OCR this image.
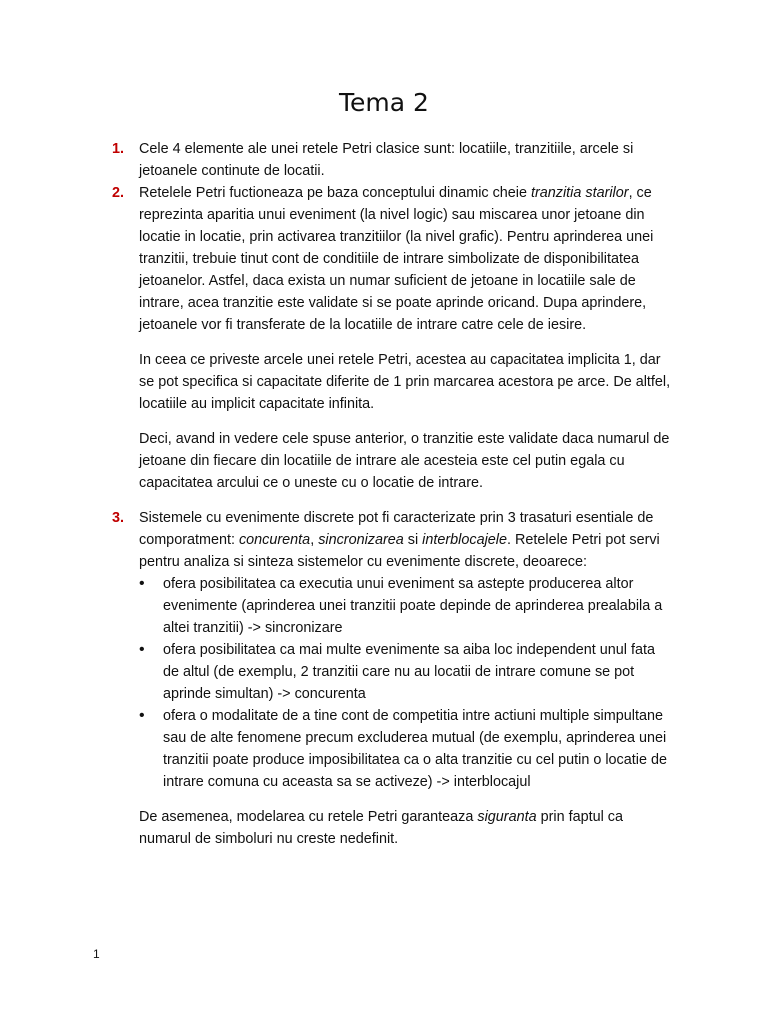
Tema 2
1. Cele 4 elemente ale unei retele Petri clasice sunt: locatiile, tranzitiile, arcele si jetoanele continute de locatii.

2. Retelele Petri fuctioneaza pe baza conceptului dinamic cheie tranzitia starilor, ce reprezinta aparitia unui eveniment (la nivel logic) sau miscarea unor jetoane din locatie in locatie, prin activarea tranzitiilor (la nivel grafic). Pentru aprinderea unei tranzitii, trebuie tinut cont de conditiile de intrare simbolizate de disponibilitatea jetoanelor. Astfel, daca exista un numar suficient de jetoane in locatiile sale de intrare, acea tranzitie este validate si se poate aprinde oricand. Dupa aprindere, jetoanele vor fi transferate de la locatiile de intrare catre cele de iesire.

In ceea ce priveste arcele unei retele Petri, acestea au capacitatea implicita 1, dar se pot specifica si capacitate diferite de 1 prin marcarea acestora pe arce. De altfel, locatiile au implicit capacitate infinita.

Deci, avand in vedere cele spuse anterior, o tranzitie este validate daca numarul de jetoane din fiecare din locatiile de intrare ale acesteia este cel putin egala cu capacitatea arcului ce o uneste cu o locatie de intrare.

3. Sistemele cu evenimente discrete pot fi caracterizate prin 3 trasaturi esentiale de comporatment: concurenta, sincronizarea si interblocajele. Retelele Petri pot servi pentru analiza si sinteza sistemelor cu evenimente discrete, deoarece:

• ofera posibilitatea ca executia unui eveniment sa astepte producerea altor evenimente (aprinderea unei tranzitii poate depinde de aprinderea prealabila a altei tranzitii) -> sincronizare
• ofera posibilitatea ca mai multe evenimente sa aiba loc independent unul fata de altul (de exemplu, 2 tranzitii care nu au locatii de intrare comune se pot aprinde simultan) -> concurenta
• ofera o modalitate de a tine cont de competitia intre actiuni multiple simpultane sau de alte fenomene precum excluderea mutual (de exemplu, aprinderea unei tranzitii poate produce imposibilitatea ca o alta tranzitie cu cel putin o locatie de intrare comuna cu aceasta sa se activeze) -> interblocajul

De asemenea, modelarea cu retele Petri garanteaza siguranta prin faptul ca numarul de simboluri nu creste nedefinit.

1
